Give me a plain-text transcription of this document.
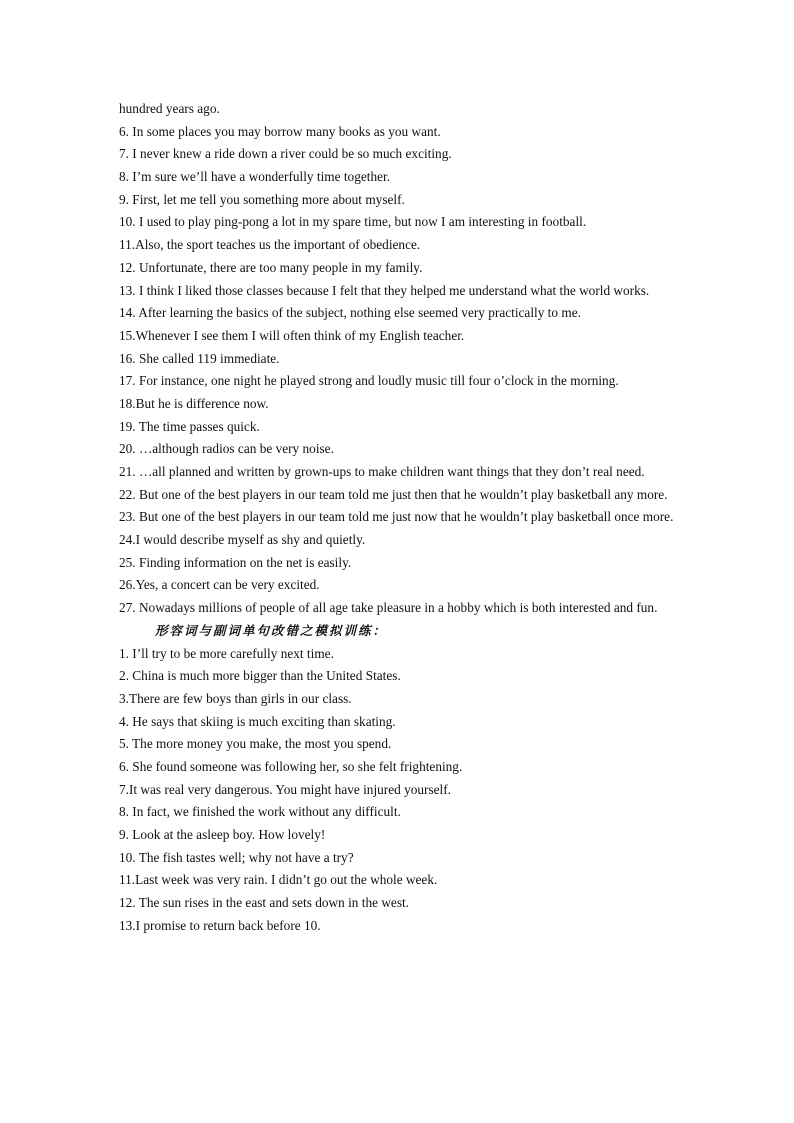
hundred years ago.
6. In some places you may borrow many books as you want.
7. I never knew a ride down a river could be so much exciting.
8. I’m sure we’ll have a wonderfully time together.
9. First, let me tell you something more about myself.
10. I used to play ping-pong a lot in my spare time, but now I am interesting in football.
11.Also, the sport teaches us the important of obedience.
12. Unfortunate, there are too many people in my family.
13. I think I liked those classes because I felt that they helped me understand what the world works.
14. After learning the basics of the subject, nothing else seemed very practically to me.
15.Whenever I see them I will often think of my English teacher.
16. She called 119 immediate.
17. For instance, one night he played strong and loudly music till four o’clock in the morning.
18.But he is difference now.
19. The time passes quick.
20. …although radios can be very noise.
21. …all planned and written by grown-ups to make children want things that they don’t real need.
22. But one of the best players in our team told me just then that he wouldn’t play basketball any more.
23. But one of the best players in our team told me just now that he wouldn’t play basketball once more.
24.I would describe myself as shy and quietly.
25. Finding information on the net is easily.
26.Yes, a concert can be very excited.
27. Nowadays millions of people of all age take pleasure in a hobby which is both interested and fun.
形容词与副词单句改错之模拟训练：
1. I’ll try to be more carefully next time.
2. China is much more bigger than the United States.
3.There are few boys than girls in our class.
4. He says that skiing is much exciting than skating.
5. The more money you make, the most you spend.
6. She found someone was following her, so she felt frightening.
7.It was real very dangerous. You might have injured yourself.
8. In fact, we finished the work without any difficult.
9. Look at the asleep boy. How lovely!
10. The fish tastes well; why not have a try?
11.Last week was very rain. I didn’t go out the whole week.
12. The sun rises in the east and sets down in the west.
13.I promise to return back before 10.
